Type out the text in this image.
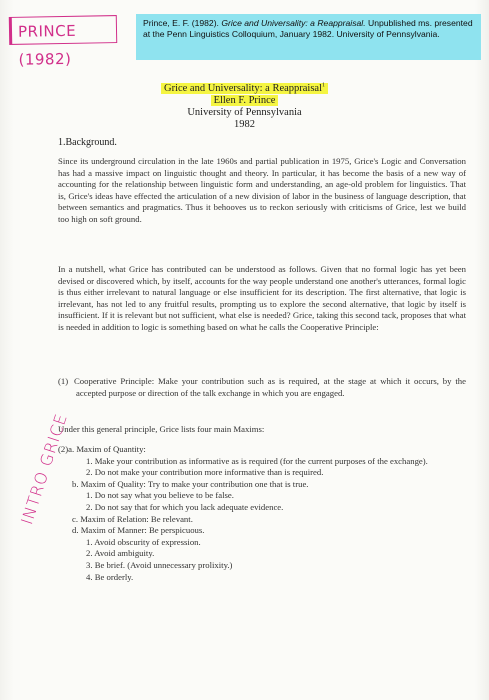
PRINCE (1982)
Prince, E. F. (1982). Grice and Universality: a Reappraisal. Unpublished ms. presented at the Penn Linguistics Colloquium, January 1982. University of Pennsylvania.
Grice and Universality: a Reappraisal$^1$
Ellen F. Prince
University of Pennsylvania
1982
1.Background.
Since its underground circulation in the late 1960s and partial publication in 1975, Grice's Logic and Conversation has had a massive impact on linguistic thought and theory. In particular, it has become the basis of a new way of accounting for the relationship between linguistic form and understanding, an age-old problem for linguistics. That is, Grice's ideas have effected the articulation of a new division of labor in the business of language description, that between semantics and pragmatics. Thus it behooves us to reckon seriously with criticisms of Grice, lest we build too high on soft ground.
In a nutshell, what Grice has contributed can be understood as follows. Given that no formal logic has yet been devised or discovered which, by itself, accounts for the way people understand one another's utterances, formal logic is thus either irrelevant to natural language or else insufficient for its description. The first alternative, that logic is irrelevant, has not led to any fruitful results, prompting us to explore the second alternative, that logic by itself is insufficient. If it is relevant but not sufficient, what else is needed? Grice, taking this second tack, proposes that what is needed in addition to logic is something based on what he calls the Cooperative Principle:
(1) Cooperative Principle: Make your contribution such as is required, at the stage at which it occurs, by the accepted purpose or direction of the talk exchange in which you are engaged.
Under this general principle, Grice lists four main Maxims:
(2)a. Maxim of Quantity:
1. Make your contribution as informative as is required (for the current purposes of the exchange).
2. Do not make your contribution more informative than is required.
b. Maxim of Quality: Try to make your contribution one that is true.
1. Do not say what you believe to be false.
2. Do not say that for which you lack adequate evidence.
c. Maxim of Relation: Be relevant.
d. Maxim of Manner: Be perspicuous.
1. Avoid obscurity of expression.
2. Avoid ambiguity.
3. Be brief. (Avoid unnecessary prolixity.)
4. Be orderly.
INTRO GRICE
